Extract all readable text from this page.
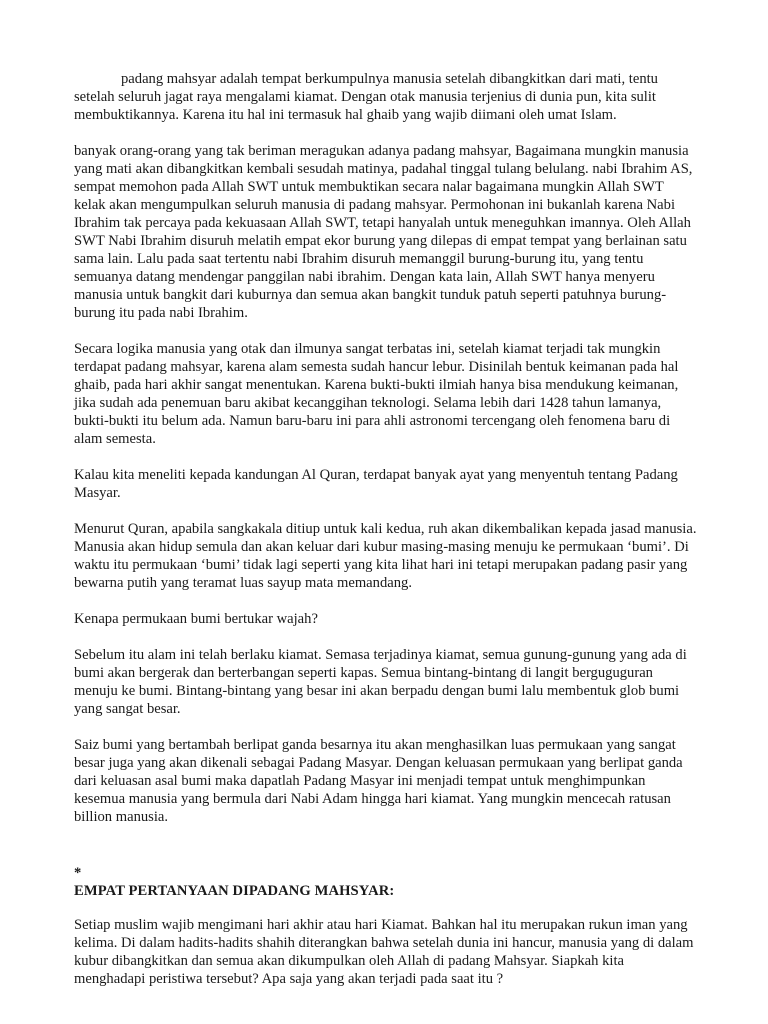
padang mahsyar adalah tempat berkumpulnya manusia setelah dibangkitkan dari mati, tentu setelah seluruh jagat raya mengalami kiamat. Dengan otak manusia terjenius di dunia pun, kita sulit membuktikannya. Karena itu hal ini termasuk hal ghaib yang wajib diimani oleh umat Islam.

banyak orang-orang yang tak beriman meragukan adanya padang mahsyar, Bagaimana mungkin manusia yang mati akan dibangkitkan kembali sesudah matinya, padahal tinggal tulang belulang. nabi Ibrahim AS, sempat memohon pada Allah SWT untuk membuktikan secara nalar bagaimana mungkin Allah SWT kelak akan mengumpulkan seluruh manusia di padang mahsyar. Permohonan ini bukanlah karena Nabi Ibrahim tak percaya pada kekuasaan Allah SWT, tetapi hanyalah untuk meneguhkan imannya. Oleh Allah SWT Nabi Ibrahim disuruh melatih empat ekor burung yang dilepas di empat tempat yang berlainan satu sama lain. Lalu pada saat tertentu nabi Ibrahim disuruh memanggil burung-burung itu, yang tentu semuanya datang mendengar panggilan nabi ibrahim. Dengan kata lain, Allah SWT hanya menyeru manusia untuk bangkit dari kuburnya dan semua akan bangkit tunduk patuh seperti patuhnya burung-burung itu pada nabi Ibrahim.

Secara logika manusia yang otak dan ilmunya sangat terbatas ini, setelah kiamat terjadi tak mungkin terdapat padang mahsyar, karena alam semesta sudah hancur lebur. Disinilah bentuk keimanan pada hal ghaib, pada hari akhir sangat menentukan. Karena bukti-bukti ilmiah hanya bisa mendukung keimanan, jika sudah ada penemuan baru akibat kecanggihan teknologi. Selama lebih dari 1428 tahun lamanya, bukti-bukti itu belum ada. Namun baru-baru ini para ahli astronomi tercengang oleh fenomena baru di alam semesta.

Kalau kita meneliti kepada kandungan Al Quran, terdapat banyak ayat yang menyentuh tentang Padang Masyar.

Menurut Quran, apabila sangkakala ditiup untuk kali kedua, ruh akan dikembalikan kepada jasad manusia. Manusia akan hidup semula dan akan keluar dari kubur masing-masing menuju ke permukaan ‘bumi’. Di waktu itu permukaan ‘bumi’ tidak lagi seperti yang kita lihat hari ini tetapi merupakan padang pasir yang bewarna putih yang teramat luas sayup mata memandang.

Kenapa permukaan bumi bertukar wajah?

Sebelum itu alam ini telah berlaku kiamat. Semasa terjadinya kiamat, semua gunung-gunung yang ada di bumi akan bergerak dan berterbangan seperti kapas. Semua bintang-bintang di langit berguguguran menuju ke bumi. Bintang-bintang yang besar ini akan berpadu dengan bumi lalu membentuk glob bumi yang sangat besar.

Saiz bumi yang bertambah berlipat ganda besarnya itu akan menghasilkan luas permukaan yang sangat besar juga yang akan dikenali sebagai Padang Masyar. Dengan keluasan permukaan yang berlipat ganda dari keluasan asal bumi maka dapatlah Padang Masyar ini menjadi tempat untuk menghimpunkan kesemua manusia yang bermula dari Nabi Adam hingga hari kiamat. Yang mungkin mencecah ratusan billion manusia.

*

EMPAT PERTANYAAN DIPADANG MAHSYAR:

Setiap muslim wajib mengimani hari akhir atau hari Kiamat. Bahkan hal itu merupakan rukun iman yang kelima. Di dalam hadits-hadits shahih diterangkan bahwa setelah dunia ini hancur, manusia yang di dalam kubur dibangkitkan dan semua akan dikumpulkan oleh Allah di padang Mahsyar. Siapkah kita menghadapi peristiwa tersebut? Apa saja yang akan terjadi pada saat itu ?
